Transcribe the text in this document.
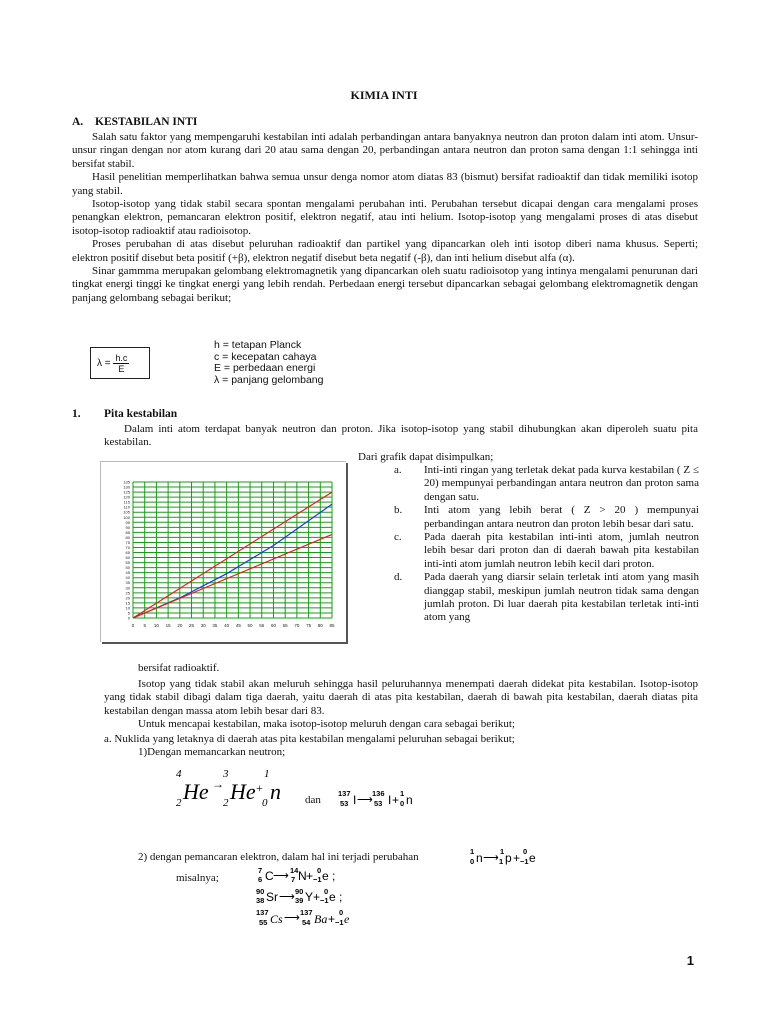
KIMIA INTI
A. KESTABILAN INTI
Salah satu faktor yang mempengaruhi kestabilan inti adalah perbandingan antara banyaknya neutron dan proton dalam inti atom. Unsur-unsur ringan dengan nor atom kurang dari 20 atau sama dengan 20, perbandingan antara neutron dan proton sama dengan 1:1 sehingga inti bersifat stabil.
Hasil penelitian memperlihatkan bahwa semua unsur denga nomor atom diatas 83 (bismut) bersifat radioaktif dan tidak memiliki isotop yang stabil.
Isotop-isotop yang tidak stabil secara spontan mengalami perubahan inti. Perubahan tersebut dicapai dengan cara mengalami proses penangkan elektron, pemancaran elektron positif, elektron negatif, atau inti helium. Isotop-isotop yang mengalami proses di atas disebut isotop-isotop radioaktif atau radioisotop.
Proses perubahan di atas disebut peluruhan radioaktif dan partikel yang dipancarkan oleh inti isotop diberi nama khusus. Seperti; elektron positif disebut beta positif (+β), elektron negatif disebut beta negatif (-β), dan inti helium disebut alfa (α).
Sinar gammma merupakan gelombang elektromagnetik yang dipancarkan oleh suatu radioisotop yang intinya mengalami penurunan dari tingkat energi tinggi ke tingkat energi yang lebih rendah. Perbedaan energi tersebut dipancarkan sebagai gelombang elektromagnetik dengan panjang gelombang sebagai berikut;
$\lambda = \frac{h.c}{E}$
h = tetapan Planck
c = kecepatan cahaya
E = perbedaan energi
λ = panjang gelombang
1. Pita kestabilan
Dalam inti atom terdapat banyak neutron dan proton. Jika isotop-isotop yang stabil dihubungkan akan diperoleh suatu pita kestabilan.
0 5 10 15 20 25 30 35 40 45 50 55 60 65 70 75 80 85
0
5
10
15
20
25
30
35
40
45
50
55
60
65
70
75
80
85
90
95
100
105
110
115
120
125
130
135
Dari grafik dapat disimpulkan;
a.	Inti-inti ringan yang terletak dekat pada kurva kestabilan ( Z ≤ 20) mempunyai perbandingan antara neutron dan proton sama dengan satu.
b.	Inti atom yang lebih berat ( Z > 20 ) mempunyai perbandingan antara neutron dan proton lebih besar dari satu.
c.	Pada daerah pita kestabilan inti-inti atom, jumlah neutron lebih besar dari proton dan di daerah bawah pita kestabilan inti-inti atom jumlah neutron lebih kecil dari proton.
d.	Pada daerah yang diarsir selain terletak inti atom yang masih dianggap stabil, meskipun jumlah neutron tidak sama dengan jumlah proton. Di luar daerah pita kestabilan terletak inti-inti atom yang
bersifat radioaktif.
Isotop yang tidak stabil akan meluruh sehingga hasil peluruhannya menempati daerah didekat pita kestabilan. Isotop-isotop yang tidak stabil dibagi dalam tiga daerah, yaitu daerah di atas pita kestabilan, daerah di bawah pita kestabilan, daerah diatas pita kestabilan dengan massa atom lebih besar dari 83.
Untuk mencapai kestabilan, maka isotop-isotop meluruh dengan cara sebagai berikut;
a. Nuklida yang letaknya di daerah atas pita kestabilan mengalami peluruhan sebagai berikut;
1)Dengan memancarkan neutron;
4
2 He →
3
2 He +
1
0 n dan
137
53 I ⟶
136
53 I + 1
0 n
2) dengan pemancaran elektron, dalam hal ini terjadi perubahan	1
0 n ⟶
1
1 p + 0
−1 e
misalnya;
7
6 C ⟶ 14
7 N + 0
−1 e ;
90
38 Sr ⟶ 90
39 Y + 0
−1 e ;
137
55 Cs ⟶ 137
54 Ba + 0
−1 e
1
